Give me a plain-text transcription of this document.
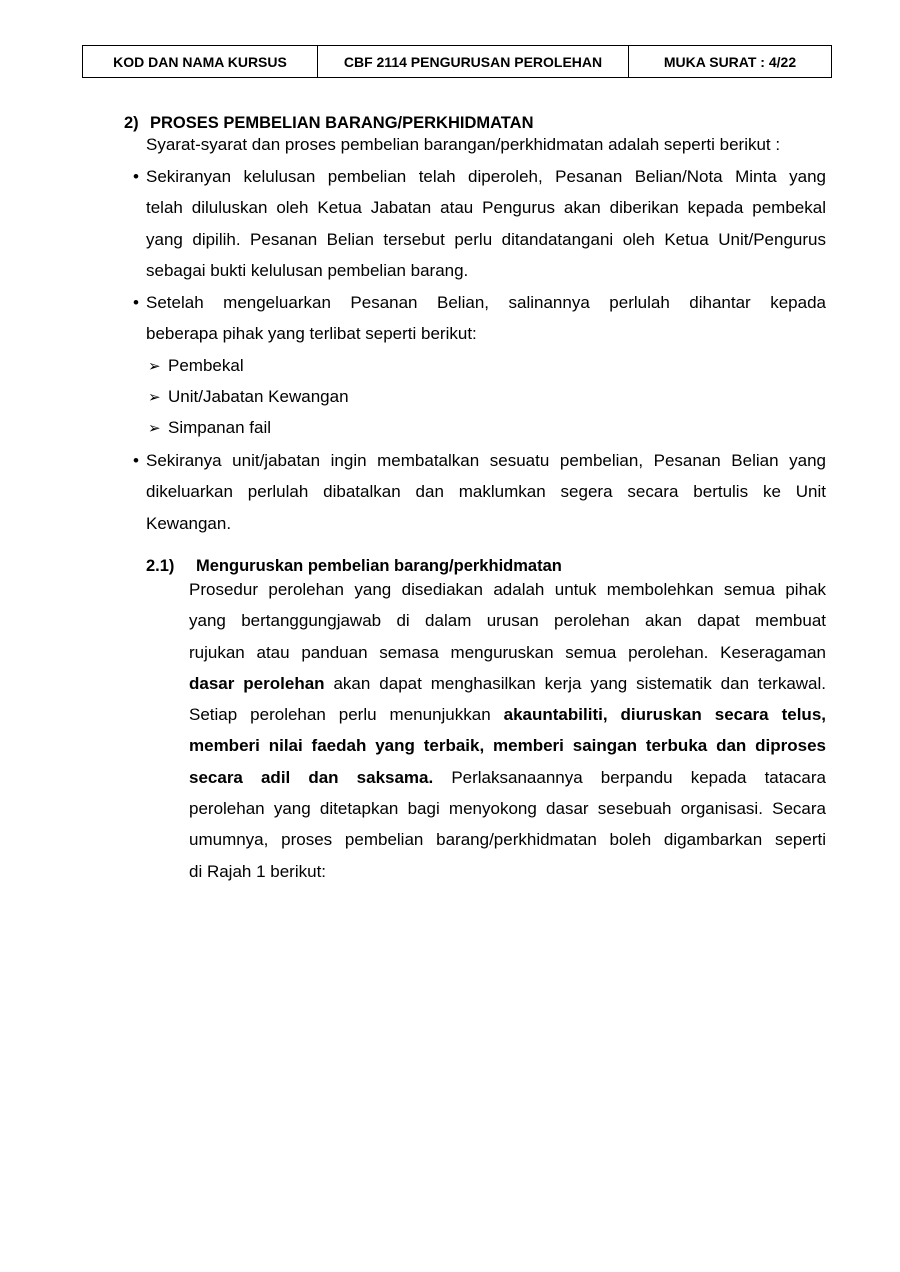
KOD DAN NAMA KURSUS	CBF 2114 PENGURUSAN PEROLEHAN	MUKA SURAT : 4/22
2) PROSES PEMBELIAN BARANG/PERKHIDMATAN
Syarat-syarat dan proses pembelian barangan/perkhidmatan adalah seperti berikut :
• Sekiranyan kelulusan pembelian telah diperoleh, Pesanan Belian/Nota Minta yang
telah diluluskan oleh Ketua Jabatan atau Pengurus akan diberikan kepada pembekal
yang dipilih. Pesanan Belian tersebut perlu ditandatangani oleh Ketua Unit/Pengurus
sebagai bukti kelulusan pembelian barang.
• Setelah mengeluarkan Pesanan Belian, salinannya perlulah dihantar kepada
beberapa pihak yang terlibat seperti berikut:
➢ Pembekal
➢ Unit/Jabatan Kewangan
➢ Simpanan fail
• Sekiranya unit/jabatan ingin membatalkan sesuatu pembelian, Pesanan Belian yang
dikeluarkan perlulah dibatalkan dan maklumkan segera secara bertulis ke Unit
Kewangan.
2.1) Menguruskan pembelian barang/perkhidmatan
Prosedur perolehan yang disediakan adalah untuk membolehkan semua pihak
yang bertanggungjawab di dalam urusan perolehan akan dapat membuat
rujukan atau panduan semasa menguruskan semua perolehan. Keseragaman
dasar perolehan akan dapat menghasilkan kerja yang sistematik dan terkawal.
Setiap perolehan perlu menunjukkan akauntabiliti, diuruskan secara telus,
memberi nilai faedah yang terbaik, memberi saingan terbuka dan diproses
secara adil dan saksama. Perlaksanaannya berpandu kepada tatacara
perolehan yang ditetapkan bagi menyokong dasar sesebuah organisasi. Secara
umumnya, proses pembelian barang/perkhidmatan boleh digambarkan seperti
di Rajah 1 berikut:
